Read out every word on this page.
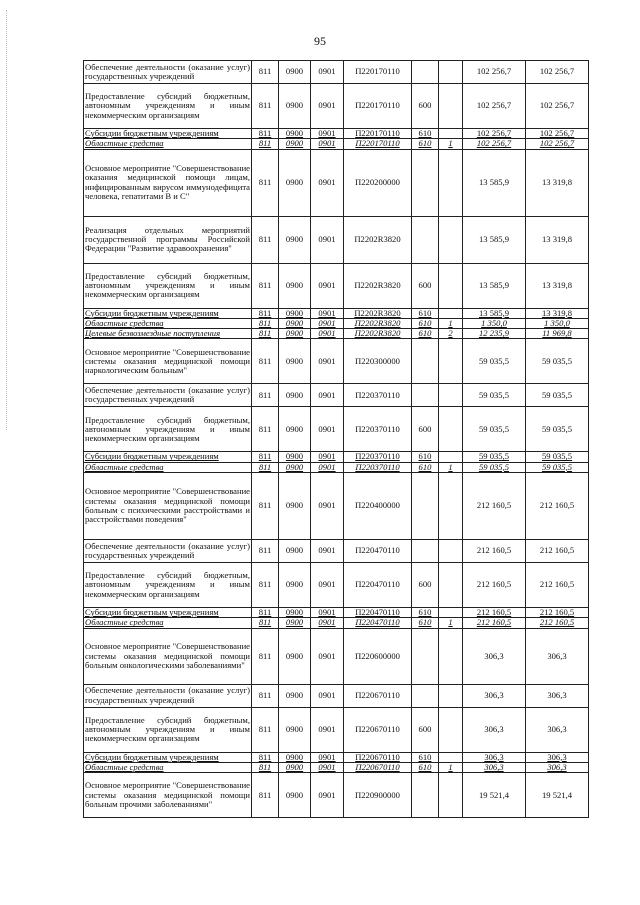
95
Обеспечение деятельности (оказание услуг) государственных учреждений	811	0900	0901	П220170110			102 256,7	102 256,7
Предоставление субсидий бюджетным, автономным учреждениям и иным некоммерческим организациям	811	0900	0901	П220170110	600		102 256,7	102 256,7
Субсидии бюджетным учреждениям	811	0900	0901	П220170110	610		102 256,7	102 256,7
Областные средства	811	0900	0901	П220170110	610	1	102 256,7	102 256,7
Основное мероприятие "Совершенствование оказания медицинской помощи лицам, инфицированным вирусом иммунодефицита человека, гепатитами В и С"	811	0900	0901	П220200000			13 585,9	13 319,8
Реализация отдельных мероприятий государственной программы Российской Федерации "Развитие здравоохранения"	811	0900	0901	П2202R3820			13 585,9	13 319,8
Предоставление субсидий бюджетным, автономным учреждениям и иным некоммерческим организациям	811	0900	0901	П2202R3820	600		13 585,9	13 319,8
Субсидии бюджетным учреждениям	811	0900	0901	П2202R3820	610		13 585,9	13 319,8
Областные средства	811	0900	0901	П2202R3820	610	1	1 350,0	1 350,0
Целевые безвозмездные поступления	811	0900	0901	П2202R3820	610	2	12 235,9	11 969,8
Основное мероприятие "Совершенствование системы оказания медицинской помощи наркологическим больным"	811	0900	0901	П220300000			59 035,5	59 035,5
Обеспечение деятельности (оказание услуг) государственных учреждений	811	0900	0901	П220370110			59 035,5	59 035,5
Предоставление субсидий бюджетным, автономным учреждениям и иным некоммерческим организациям	811	0900	0901	П220370110	600		59 035,5	59 035,5
Субсидии бюджетным учреждениям	811	0900	0901	П220370110	610		59 035,5	59 035,5
Областные средства	811	0900	0901	П220370110	610	1	59 035,5	59 035,5
Основное мероприятие "Совершенствование системы оказания медицинской помощи больным с психическими расстройствами и расстройствами поведения"	811	0900	0901	П220400000			212 160,5	212 160,5
Обеспечение деятельности (оказание услуг) государственных учреждений	811	0900	0901	П220470110			212 160,5	212 160,5
Предоставление субсидий бюджетным, автономным учреждениям и иным некоммерческим организациям	811	0900	0901	П220470110	600		212 160,5	212 160,5
Субсидии бюджетным учреждениям	811	0900	0901	П220470110	610		212 160,5	212 160,5
Областные средства	811	0900	0901	П220470110	610	1	212 160,5	212 160,5
Основное мероприятие "Совершенствование системы оказания медицинской помощи больным онкологическими заболеваниями"	811	0900	0901	П220600000			306,3	306,3
Обеспечение деятельности (оказание услуг) государственных учреждений	811	0900	0901	П220670110			306,3	306,3
Предоставление субсидий бюджетным, автономным учреждениям и иным некоммерческим организациям	811	0900	0901	П220670110	600		306,3	306,3
Субсидии бюджетным учреждениям	811	0900	0901	П220670110	610		306,3	306,3
Областные средства	811	0900	0901	П220670110	610	1	306,3	306,3
Основное мероприятие "Совершенствование системы оказания медицинской помощи больным прочими заболеваниями"	811	0900	0901	П220900000			19 521,4	19 521,4
